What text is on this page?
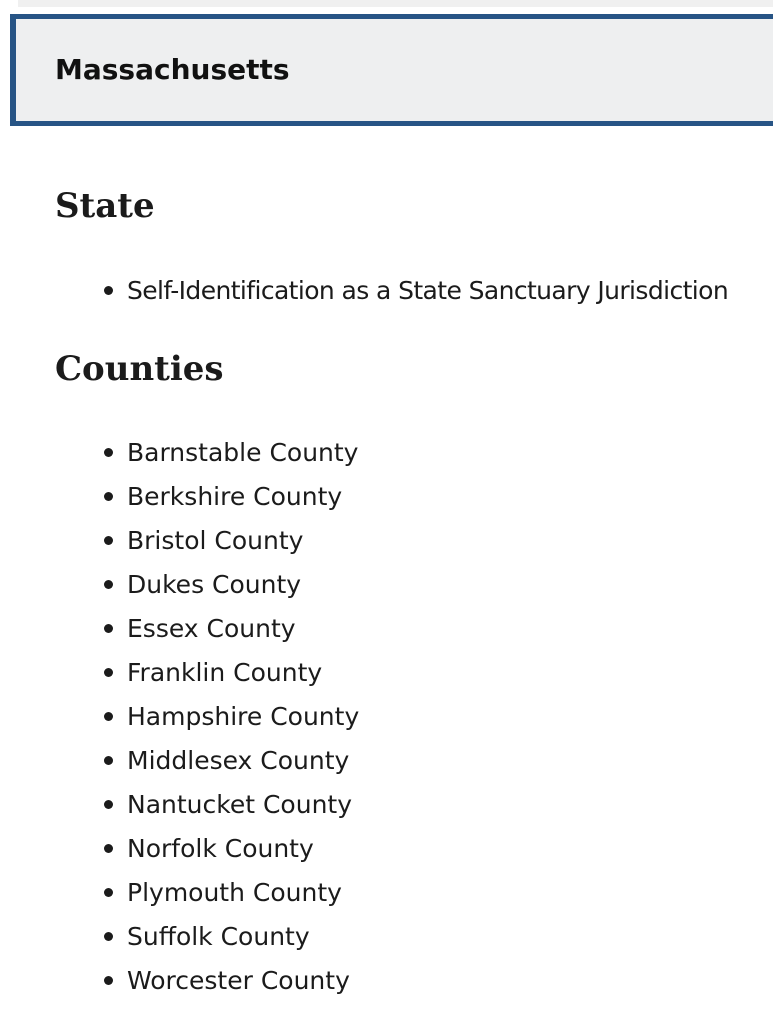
Massachusetts
State
Self-Identification as a State Sanctuary Jurisdiction
Counties
Barnstable County
Berkshire County
Bristol County
Dukes County
Essex County
Franklin County
Hampshire County
Middlesex County
Nantucket County
Norfolk County
Plymouth County
Suffolk County
Worcester County
